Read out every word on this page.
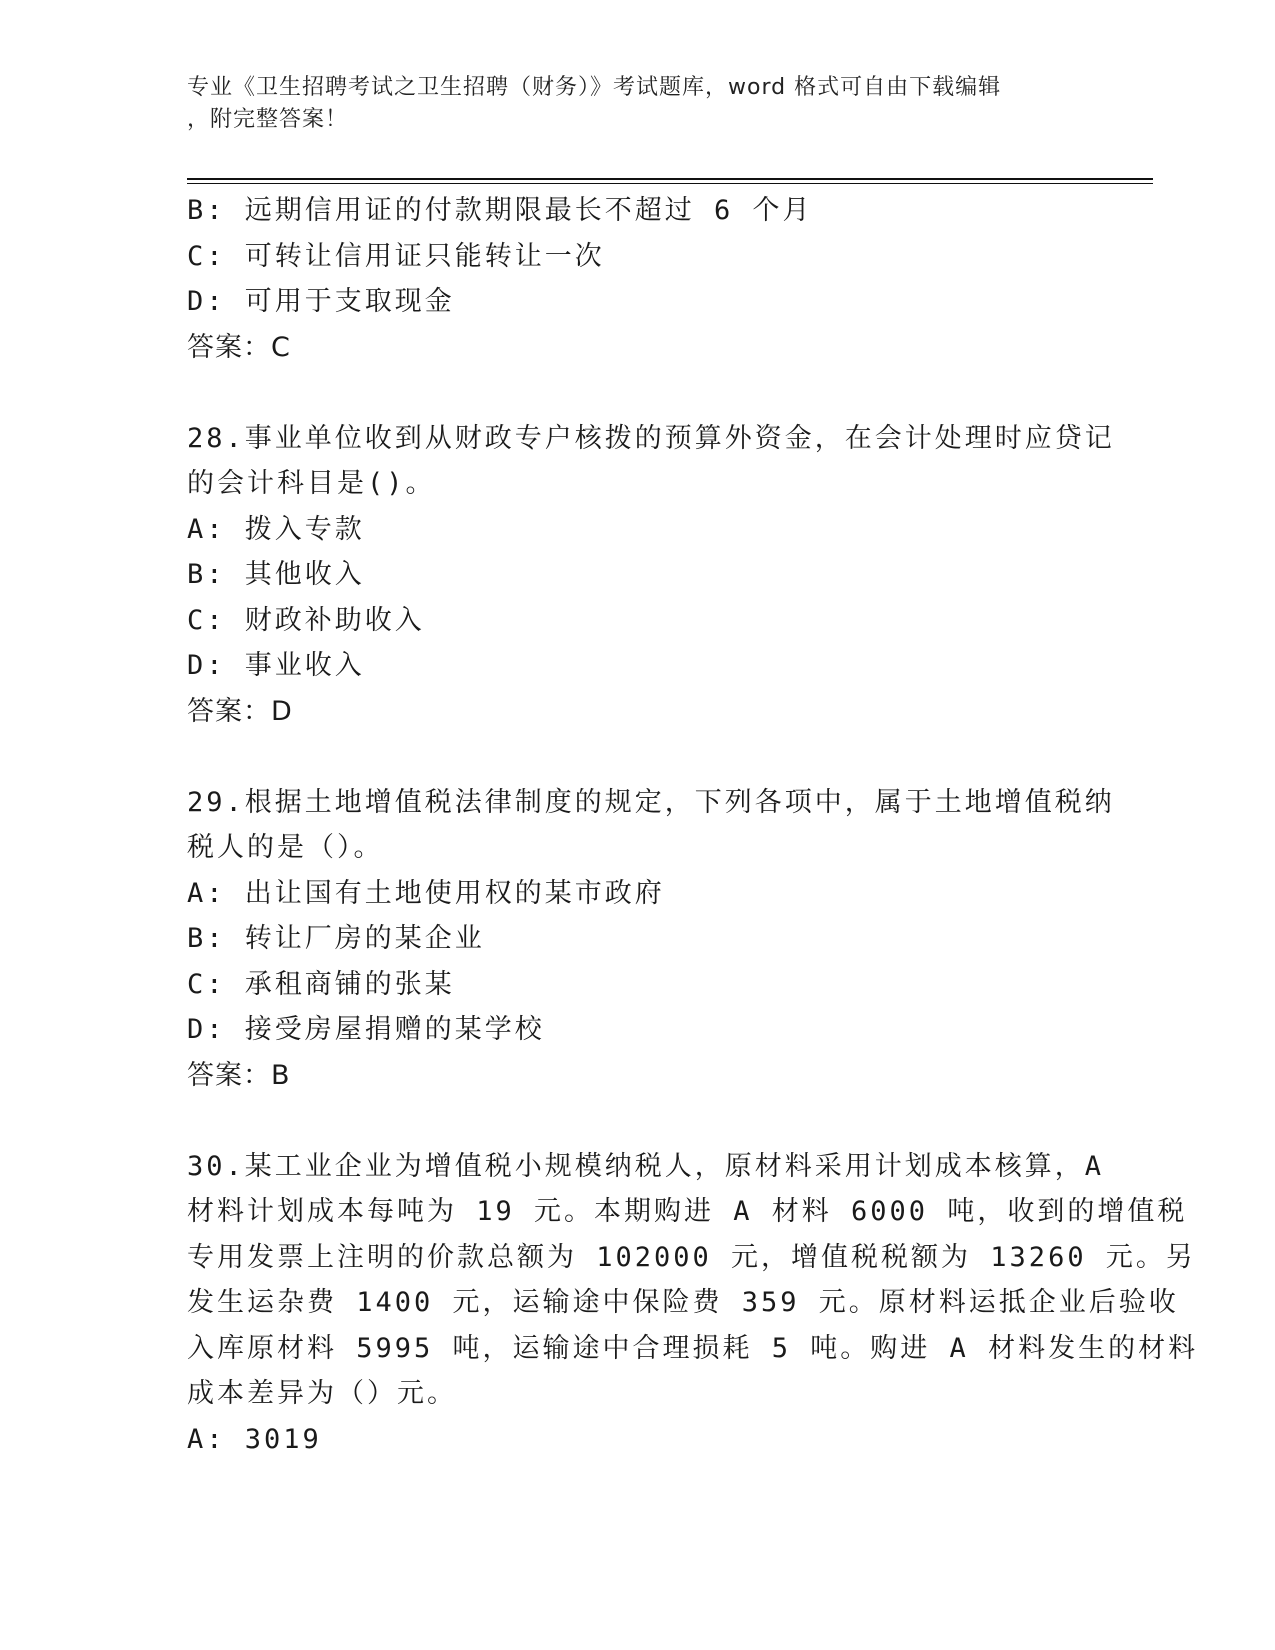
专业《卫生招聘考试之卫生招聘（财务）》考试题库，word 格式可自由下载编辑
，附完整答案！

B: 远期信用证的付款期限最长不超过 6 个月

C: 可转让信用证只能转让一次

D: 可用于支取现金

答案：C

28.事业单位收到从财政专户核拨的预算外资金，在会计处理时应贷记

的会计科目是()。

A: 拨入专款

B: 其他收入

C: 财政补助收入

D: 事业收入

答案：D

29.根据土地增值税法律制度的规定，下列各项中，属于土地增值税纳

税人的是（）。

A: 出让国有土地使用权的某市政府

B: 转让厂房的某企业

C: 承租商铺的张某

D: 接受房屋捐赠的某学校

答案：B

30.某工业企业为增值税小规模纳税人，原材料采用计划成本核算，A

材料计划成本每吨为 19 元。本期购进 A 材料 6000 吨，收到的增值税

专用发票上注明的价款总额为 102000 元，增值税税额为 13260 元。另

发生运杂费 1400 元，运输途中保险费 359 元。原材料运抵企业后验收

入库原材料 5995 吨，运输途中合理损耗 5 吨。购进 A 材料发生的材料

成本差异为（）元。

A: 3019
